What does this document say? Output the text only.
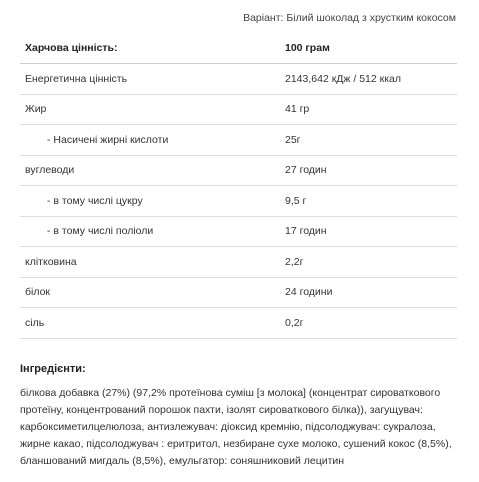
Варіант: Білий шоколад з хрустким кокосом
Харчова цінність:	100 грам
Енергетична цінність	2143,642 кДж / 512 ккал
Жир	41 гр
- Насичені жирні кислоти	25г
вуглеводи	27 годин
- в тому числі цукру	9,5 г
- в тому числі поліоли	17 годин
клітковина	2,2г
білок	24 години
сіль	0,2г
Інгредієнти:
білкова добавка (27%) (97,2% протеїнова суміш [з молока] (концентрат сироваткового протеїну, концентрований порошок пахти, ізолят сироваткового білка)), загущувач: карбоксиметилцелюлоза, антизлежувач: діоксид кремнію, підсолоджувач: сукралоза, жирне какао, підсолоджувач : еритритол, незбиране сухе молоко, сушений кокос (8,5%), бланшований мигдаль (8,5%), емульгатор: соняшниковий лецитин
